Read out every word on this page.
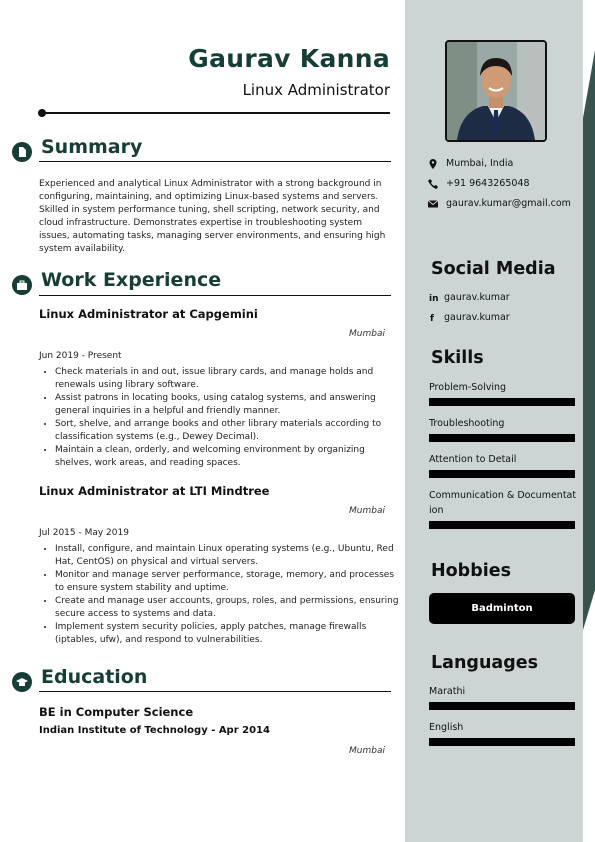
Gaurav Kanna
Linux Administrator
Summary
Experienced and analytical Linux Administrator with a strong background in configuring, maintaining, and optimizing Linux-based systems and servers. Skilled in system performance tuning, shell scripting, network security, and cloud infrastructure. Demonstrates expertise in troubleshooting system issues, automating tasks, managing server environments, and ensuring high system availability.
Work Experience
Linux Administrator at Capgemini
Mumbai
Jun 2019 - Present
• Check materials in and out, issue library cards, and manage holds and renewals using library software.
• Assist patrons in locating books, using catalog systems, and answering general inquiries in a helpful and friendly manner.
• Sort, shelve, and arrange books and other library materials according to classification systems (e.g., Dewey Decimal).
• Maintain a clean, orderly, and welcoming environment by organizing shelves, work areas, and reading spaces.
Linux Administrator at LTI Mindtree
Mumbai
Jul 2015 - May 2019
• Install, configure, and maintain Linux operating systems (e.g., Ubuntu, Red Hat, CentOS) on physical and virtual servers.
• Monitor and manage server performance, storage, memory, and processes to ensure system stability and uptime.
• Create and manage user accounts, groups, roles, and permissions, ensuring secure access to systems and data.
• Implement system security policies, apply patches, manage firewalls (iptables, ufw), and respond to vulnerabilities.
Education
BE in Computer Science
Indian Institute of Technology - Apr 2014
Mumbai
Mumbai, India
+91 9643265048
gaurav.kumar@gmail.com
Social Media
in gaurav.kumar
f gaurav.kumar
Skills
Problem-Solving
Troubleshooting
Attention to Detail
Communication & Documentation
Hobbies
Badminton
Languages
Marathi
English
